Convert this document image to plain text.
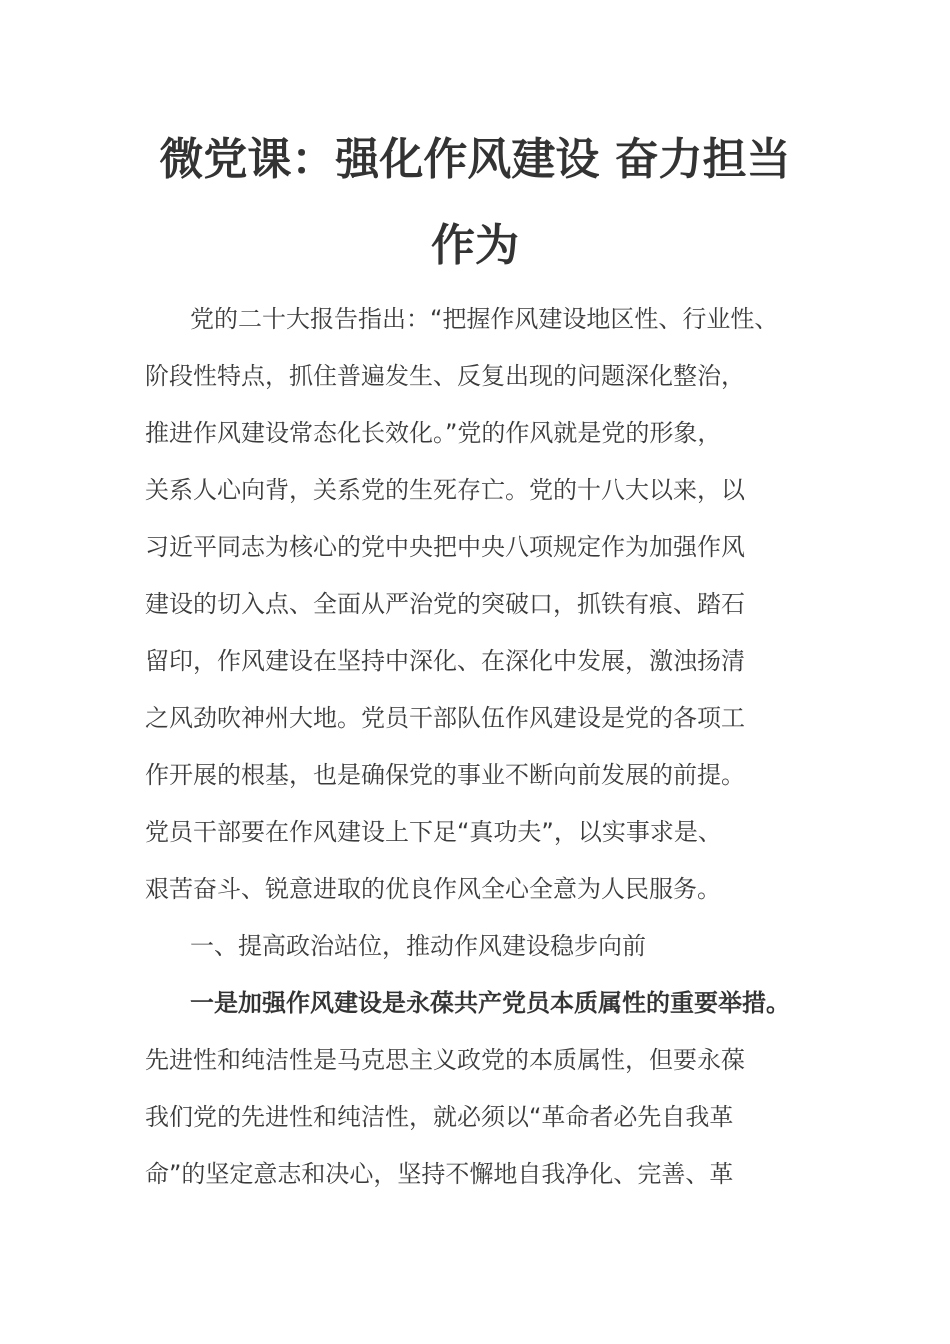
微党课：强化作风建设 奋力担当
作为
党的二十大报告指出：“把握作风建设地区性、行业性、
阶段性特点，抓住普遍发生、反复出现的问题深化整治，
推进作风建设常态化长效化。”党的作风就是党的形象，
关系人心向背，关系党的生死存亡。党的十八大以来，以
习近平同志为核心的党中央把中央八项规定作为加强作风
建设的切入点、全面从严治党的突破口，抓铁有痕、踏石
留印，作风建设在坚持中深化、在深化中发展，激浊扬清
之风劲吹神州大地。党员干部队伍作风建设是党的各项工
作开展的根基，也是确保党的事业不断向前发展的前提。
党员干部要在作风建设上下足“真功夫”，以实事求是、
艰苦奋斗、锐意进取的优良作风全心全意为人民服务。
一、提高政治站位，推动作风建设稳步向前
一是加强作风建设是永葆共产党员本质属性的重要举措。
先进性和纯洁性是马克思主义政党的本质属性，但要永葆
我们党的先进性和纯洁性，就必须以“革命者必先自我革
命”的坚定意志和决心，坚持不懈地自我净化、完善、革
